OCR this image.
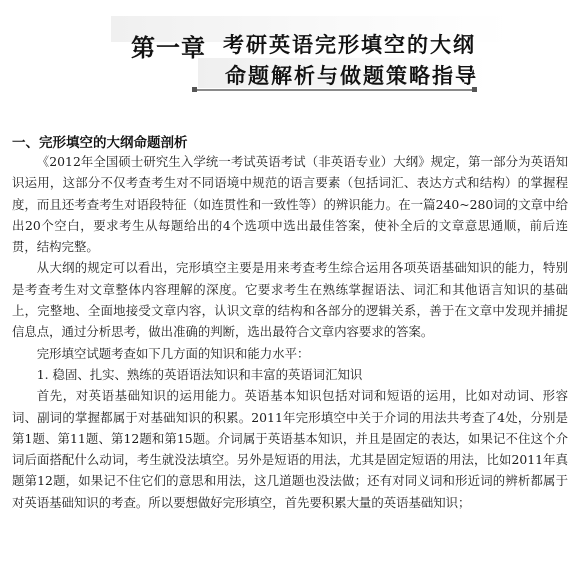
第一章 考研英语完形填空的大纲
命题解析与做题策略指导
一、完形填空的大纲命题剖析

《2012年全国硕士研究生入学统一考试英语考试（非英语专业）大纲》规定，第一部分为英语知识运用，这部分不仅考查考生对不同语境中规范的语言要素（包括词汇、表达方式和结构）的掌握程度，而且还考查考生对语段特征（如连贯性和一致性等）的辨识能力。在一篇240~280词的文章中给出20个空白，要求考生从每题给出的4个选项中选出最佳答案，使补全后的文章意思通顺，前后连贯，结构完整。

从大纲的规定可以看出，完形填空主要是用来考查考生综合运用各项英语基础知识的能力，特别是考查考生对文章整体内容理解的深度。它要求考生在熟练掌握语法、词汇和其他语言知识的基础上，完整地、全面地接受文章内容，认识文章的结构和各部分的逻辑关系，善于在文章中发现并捕捉信息点，通过分析思考，做出准确的判断，选出最符合文章内容要求的答案。

完形填空试题考查如下几方面的知识和能力水平：

1. 稳固、扎实、熟练的英语语法知识和丰富的英语词汇知识

首先，对英语基础知识的运用能力。英语基本知识包括对词和短语的运用，比如对动词、形容词、副词的掌握都属于对基础知识的积累。2011年完形填空中关于介词的用法共考查了4处，分别是第1题、第11题、第12题和第15题。介词属于英语基本知识，并且是固定的表达，如果记不住这个介词后面搭配什么动词，考生就没法填空。另外是短语的用法，尤其是固定短语的用法，比如2011年真题第12题，如果记不住它们的意思和用法，这几道题也没法做；还有对同义词和形近词的辨析都属于对英语基础知识的考查。所以要想做好完形填空，首先要积累大量的英语基础知识；
